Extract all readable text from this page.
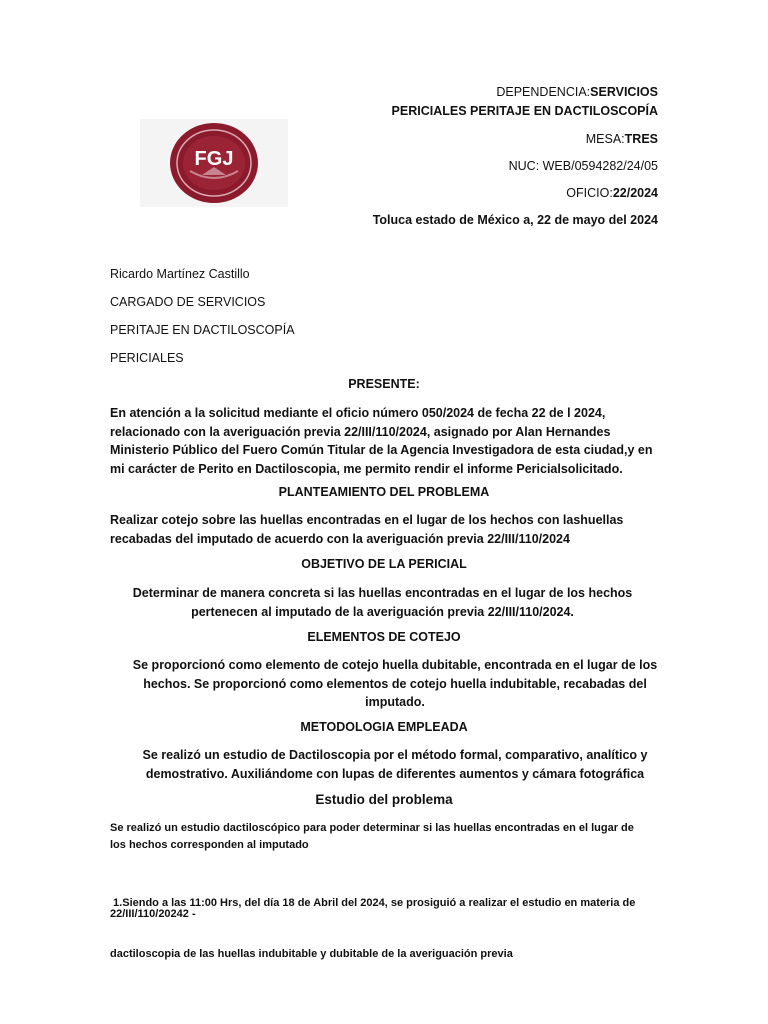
FGJ
DEPENDENCIA:SERVICIOS
PERICIALES PERITAJE EN DACTILOSCOPÍA
MESA:TRES
NUC: WEB/0594282/24/05
OFICIO:22/2024
Toluca estado de México a, 22 de mayo del 2024
Ricardo Martínez Castillo
CARGADO DE SERVICIOS
PERITAJE EN DACTILOSCOPÍA
PERICIALES
PRESENTE:
En atención a la solicitud mediante el oficio número 050/2024 de fecha 22 de l 2024,
relacionado con la averiguación previa 22/III/110/2024, asignado por Alan Hernandes
Ministerio Público del Fuero Común Titular de la Agencia Investigadora de esta ciudad,y en
mi carácter de Perito en Dactiloscopia, me permito rendir el informe Pericialsolicitado.
PLANTEAMIENTO DEL PROBLEMA
Realizar cotejo sobre las huellas encontradas en el lugar de los hechos con lashuellas
recabadas del imputado de acuerdo con la averiguación previa 22/III/110/2024
OBJETIVO DE LA PERICIAL
Determinar de manera concreta si las huellas encontradas en el lugar de los hechos
pertenecen al imputado de la averiguación previa 22/III/110/2024.
ELEMENTOS DE COTEJO
Se proporcionó como elemento de cotejo huella dubitable, encontrada en el lugar de los
hechos. Se proporcionó como elementos de cotejo huella indubitable, recabadas del
imputado.
METODOLOGIA EMPLEADA
Se realizó un estudio de Dactiloscopia por el método formal, comparativo, analítico y
demostrativo. Auxiliándome con lupas de diferentes aumentos y cámara fotográfica
Estudio del problema
Se realizó un estudio dactiloscópico para poder determinar si las huellas encontradas en el lugar de
los hechos corresponden al imputado

1.Siendo a las 11:00 Hrs, del día 18 de Abril del 2024, se prosiguió a realizar el estudio en materia de

dactiloscopia de las huellas indubitable y dubitable de la averiguación previa

22/III/110/20242 -
